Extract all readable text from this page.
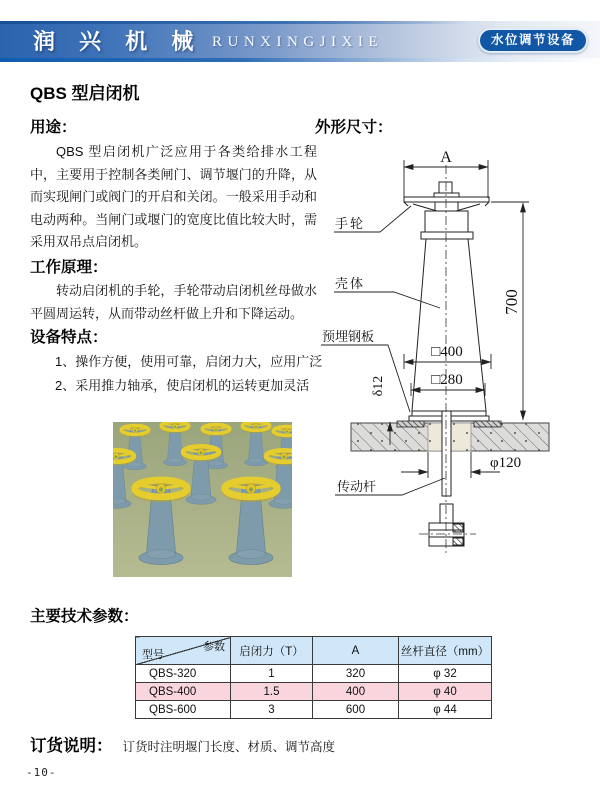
润 兴 机 械 RUNXINGJIXIE	水位调节设备
QBS 型启闭机
用途：
QBS 型启闭机广泛应用于各类给排水工程中，主要用于控制各类闸门、调节堰门的升降，从而实现闸门或阀门的开启和关闭。一般采用手动和电动两种。当闸门或堰门的宽度比值比较大时，需采用双吊点启闭机。
工作原理：
转动启闭机的手轮，手轮带动启闭机丝母做水平圆周运转，从而带动丝杆做上升和下降运动。
设备特点：
1、操作方便，使用可靠，启闭力大，应用广泛
2、采用推力轴承，使启闭机的运转更加灵活
外形尺寸：
A
700
□400
□280
δ12
φ120
手轮
壳体
预埋钢板
传动杆
主要技术参数：
参数
型号	启闭力（T）	A	丝杆直径（mm）
QBS-320	1	320	φ 32
QBS-400	1.5	400	φ 40
QBS-600	3	600	φ 44
订货说明： 订货时注明堰门长度、材质、调节高度
-10-
